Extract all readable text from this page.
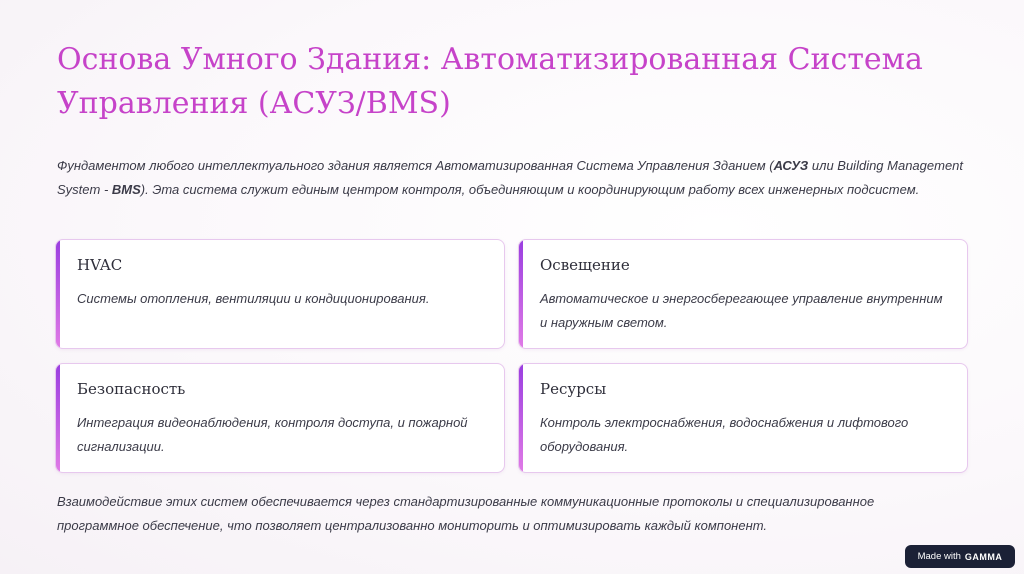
Основа Умного Здания: Автоматизированная Система Управления (АСУЗ/BMS)

Фундаментом любого интеллектуального здания является Автоматизированная Система Управления Зданием (АСУЗ или Building Management System - BMS). Эта система служит единым центром контроля, объединяющим и координирующим работу всех инженерных подсистем.

HVAC
Системы отопления, вентиляции и кондиционирования.
Освещение
Автоматическое и энергосберегающее управление внутренним и наружным светом.
Безопасность
Интеграция видеонаблюдения, контроля доступа, и пожарной сигнализации.
Ресурсы
Контроль электроснабжения, водоснабжения и лифтового оборудования.

Взаимодействие этих систем обеспечивается через стандартизированные коммуникационные протоколы и специализированное программное обеспечение, что позволяет централизованно мониторить и оптимизировать каждый компонент.

Made with GAMMA
